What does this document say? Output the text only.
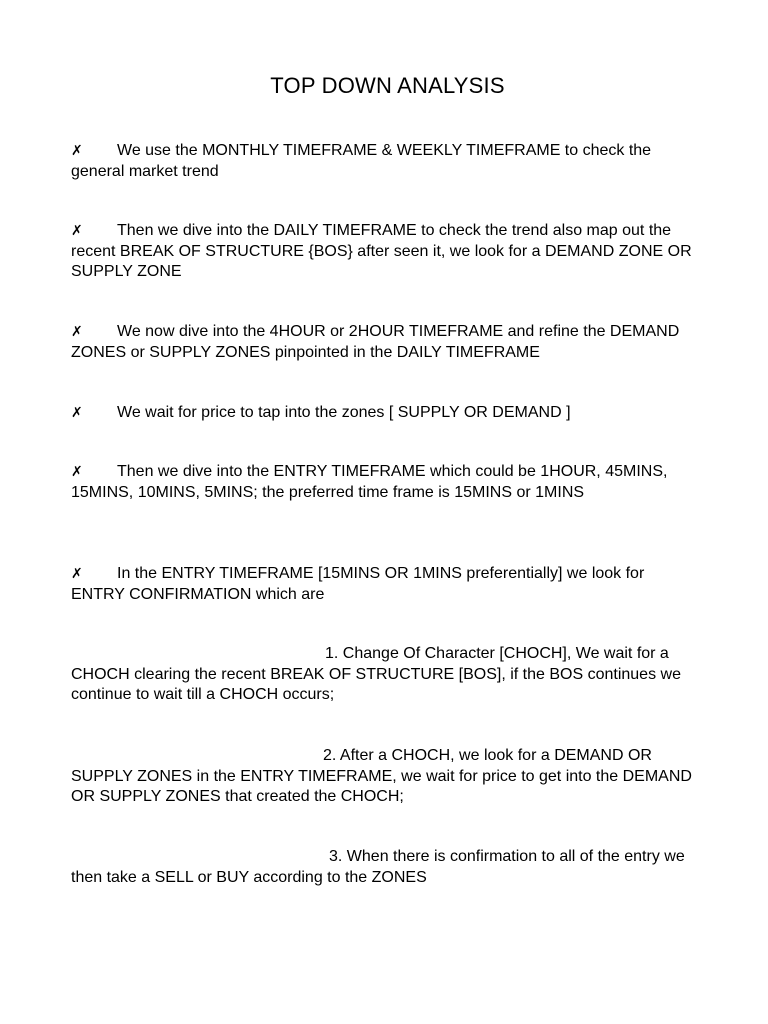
TOP DOWN ANALYSIS

✗ We use the MONTHLY TIMEFRAME & WEEKLY TIMEFRAME to check the general market trend

✗ Then we dive into the DAILY TIMEFRAME to check the trend also map out the recent BREAK OF STRUCTURE {BOS} after seen it, we look for a DEMAND ZONE OR SUPPLY ZONE

✗ We now dive into the 4HOUR or 2HOUR TIMEFRAME and refine the DEMAND ZONES or SUPPLY ZONES pinpointed in the DAILY TIMEFRAME

✗ We wait for price to tap into the zones [ SUPPLY OR DEMAND ]

✗ Then we dive into the ENTRY TIMEFRAME which could be 1HOUR, 45MINS, 15MINS, 10MINS, 5MINS; the preferred time frame is 15MINS or 1MINS

✗ In the ENTRY TIMEFRAME [15MINS OR 1MINS preferentially] we look for ENTRY CONFIRMATION which are

1. Change Of Character [CHOCH], We wait for a CHOCH clearing the recent BREAK OF STRUCTURE [BOS], if the BOS continues we continue to wait till a CHOCH occurs;

2. After a CHOCH, we look for a DEMAND OR SUPPLY ZONES in the ENTRY TIMEFRAME, we wait for price to get into the DEMAND OR SUPPLY ZONES that created the CHOCH;

3. When there is confirmation to all of the entry we then take a SELL or BUY according to the ZONES
